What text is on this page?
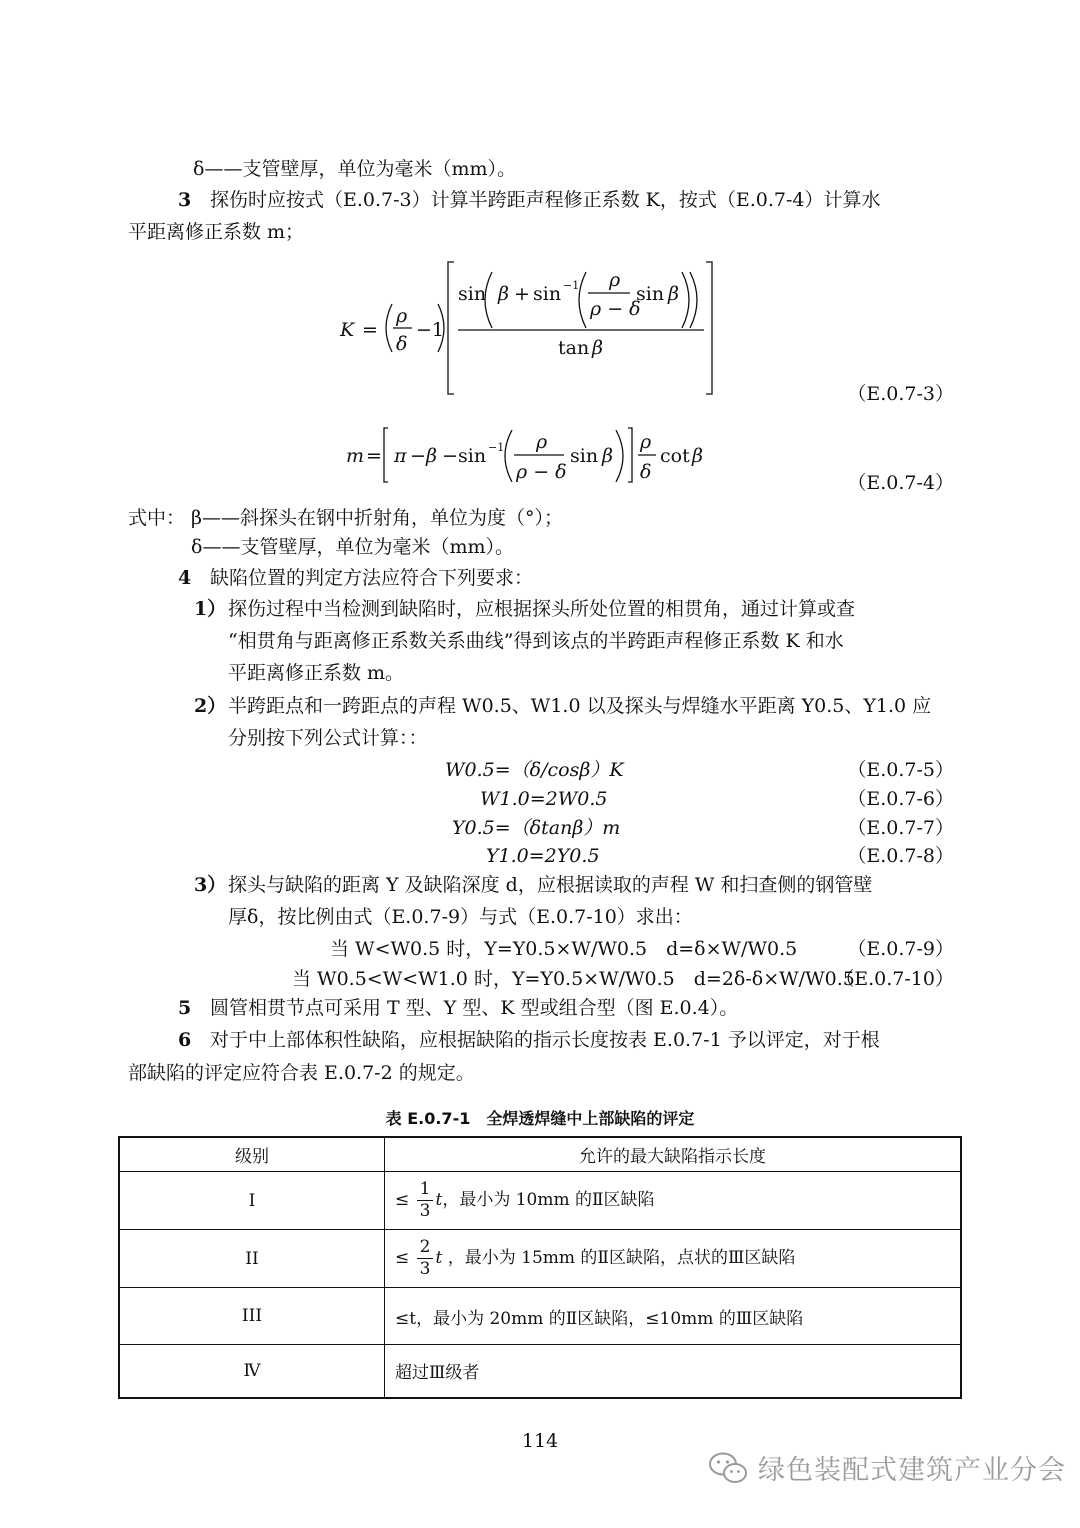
δ——支管壁厚，单位为毫米（mm）。
3 探伤时应按式（E.0.7-3）计算半跨距声程修正系数 K，按式（E.0.7-4）计算水
平距离修正系数 m；
K =
ρ
δ
−1
sin β + sin −1 ρ
ρ − δ
sin β
tan β
（E.0.7-3）
m = π − β − sin −1 ρ
ρ − δ
sin β
ρ
δ
cot β
（E.0.7-4）
式中： β——斜探头在钢中折射角，单位为度（°）；
δ——支管壁厚，单位为毫米（mm）。
4 缺陷位置的判定方法应符合下列要求：
1） 探伤过程中当检测到缺陷时，应根据探头所处位置的相贯角，通过计算或查
“相贯角与距离修正系数关系曲线”得到该点的半跨距声程修正系数 K 和水
平距离修正系数 m。
2） 半跨距点和一跨距点的声程 W0.5、W1.0 以及探头与焊缝水平距离 Y0.5、Y1.0 应
分别按下列公式计算：：
W0.5=（δ/cosβ）K	（E.0.7-5）
W1.0=2W0.5	（E.0.7-6）
Y0.5=（δtanβ）m	（E.0.7-7）
Y1.0=2Y0.5	（E.0.7-8）
3） 探头与缺陷的距离 Y 及缺陷深度 d，应根据读取的声程 W 和扫查侧的钢管壁
厚δ，按比例由式（E.0.7-9）与式（E.0.7-10）求出：
当 W<W0.5 时，Y=Y0.5×W/W0.5　d=δ×W/W0.5	（E.0.7-9）
当 W0.5<W<W1.0 时，Y=Y0.5×W/W0.5　d=2δ-δ×W/W0.5
（E.0.7-10）
5 圆管相贯节点可采用 T 型、Y 型、K 型或组合型（图 E.0.4）。
6 对于中上部体积性缺陷，应根据缺陷的指示长度按表 E.0.7-1 予以评定，对于根
部缺陷的评定应符合表 E.0.7-2 的规定。
表 E.0.7-1　全焊透焊缝中上部缺陷的评定
级别	允许的最大缺陷指示长度
I	≤ $\frac{1}{3}$ t，最小为 10mm 的Ⅱ区缺陷
II	≤ $\frac{2}{3}$ t ，最小为 15mm 的Ⅱ区缺陷，点状的Ⅲ区缺陷
III	≤t，最小为 20mm 的Ⅱ区缺陷，≤10mm 的Ⅲ区缺陷
Ⅳ	超过Ⅲ级者
114
绿色装配式建筑产业分会
